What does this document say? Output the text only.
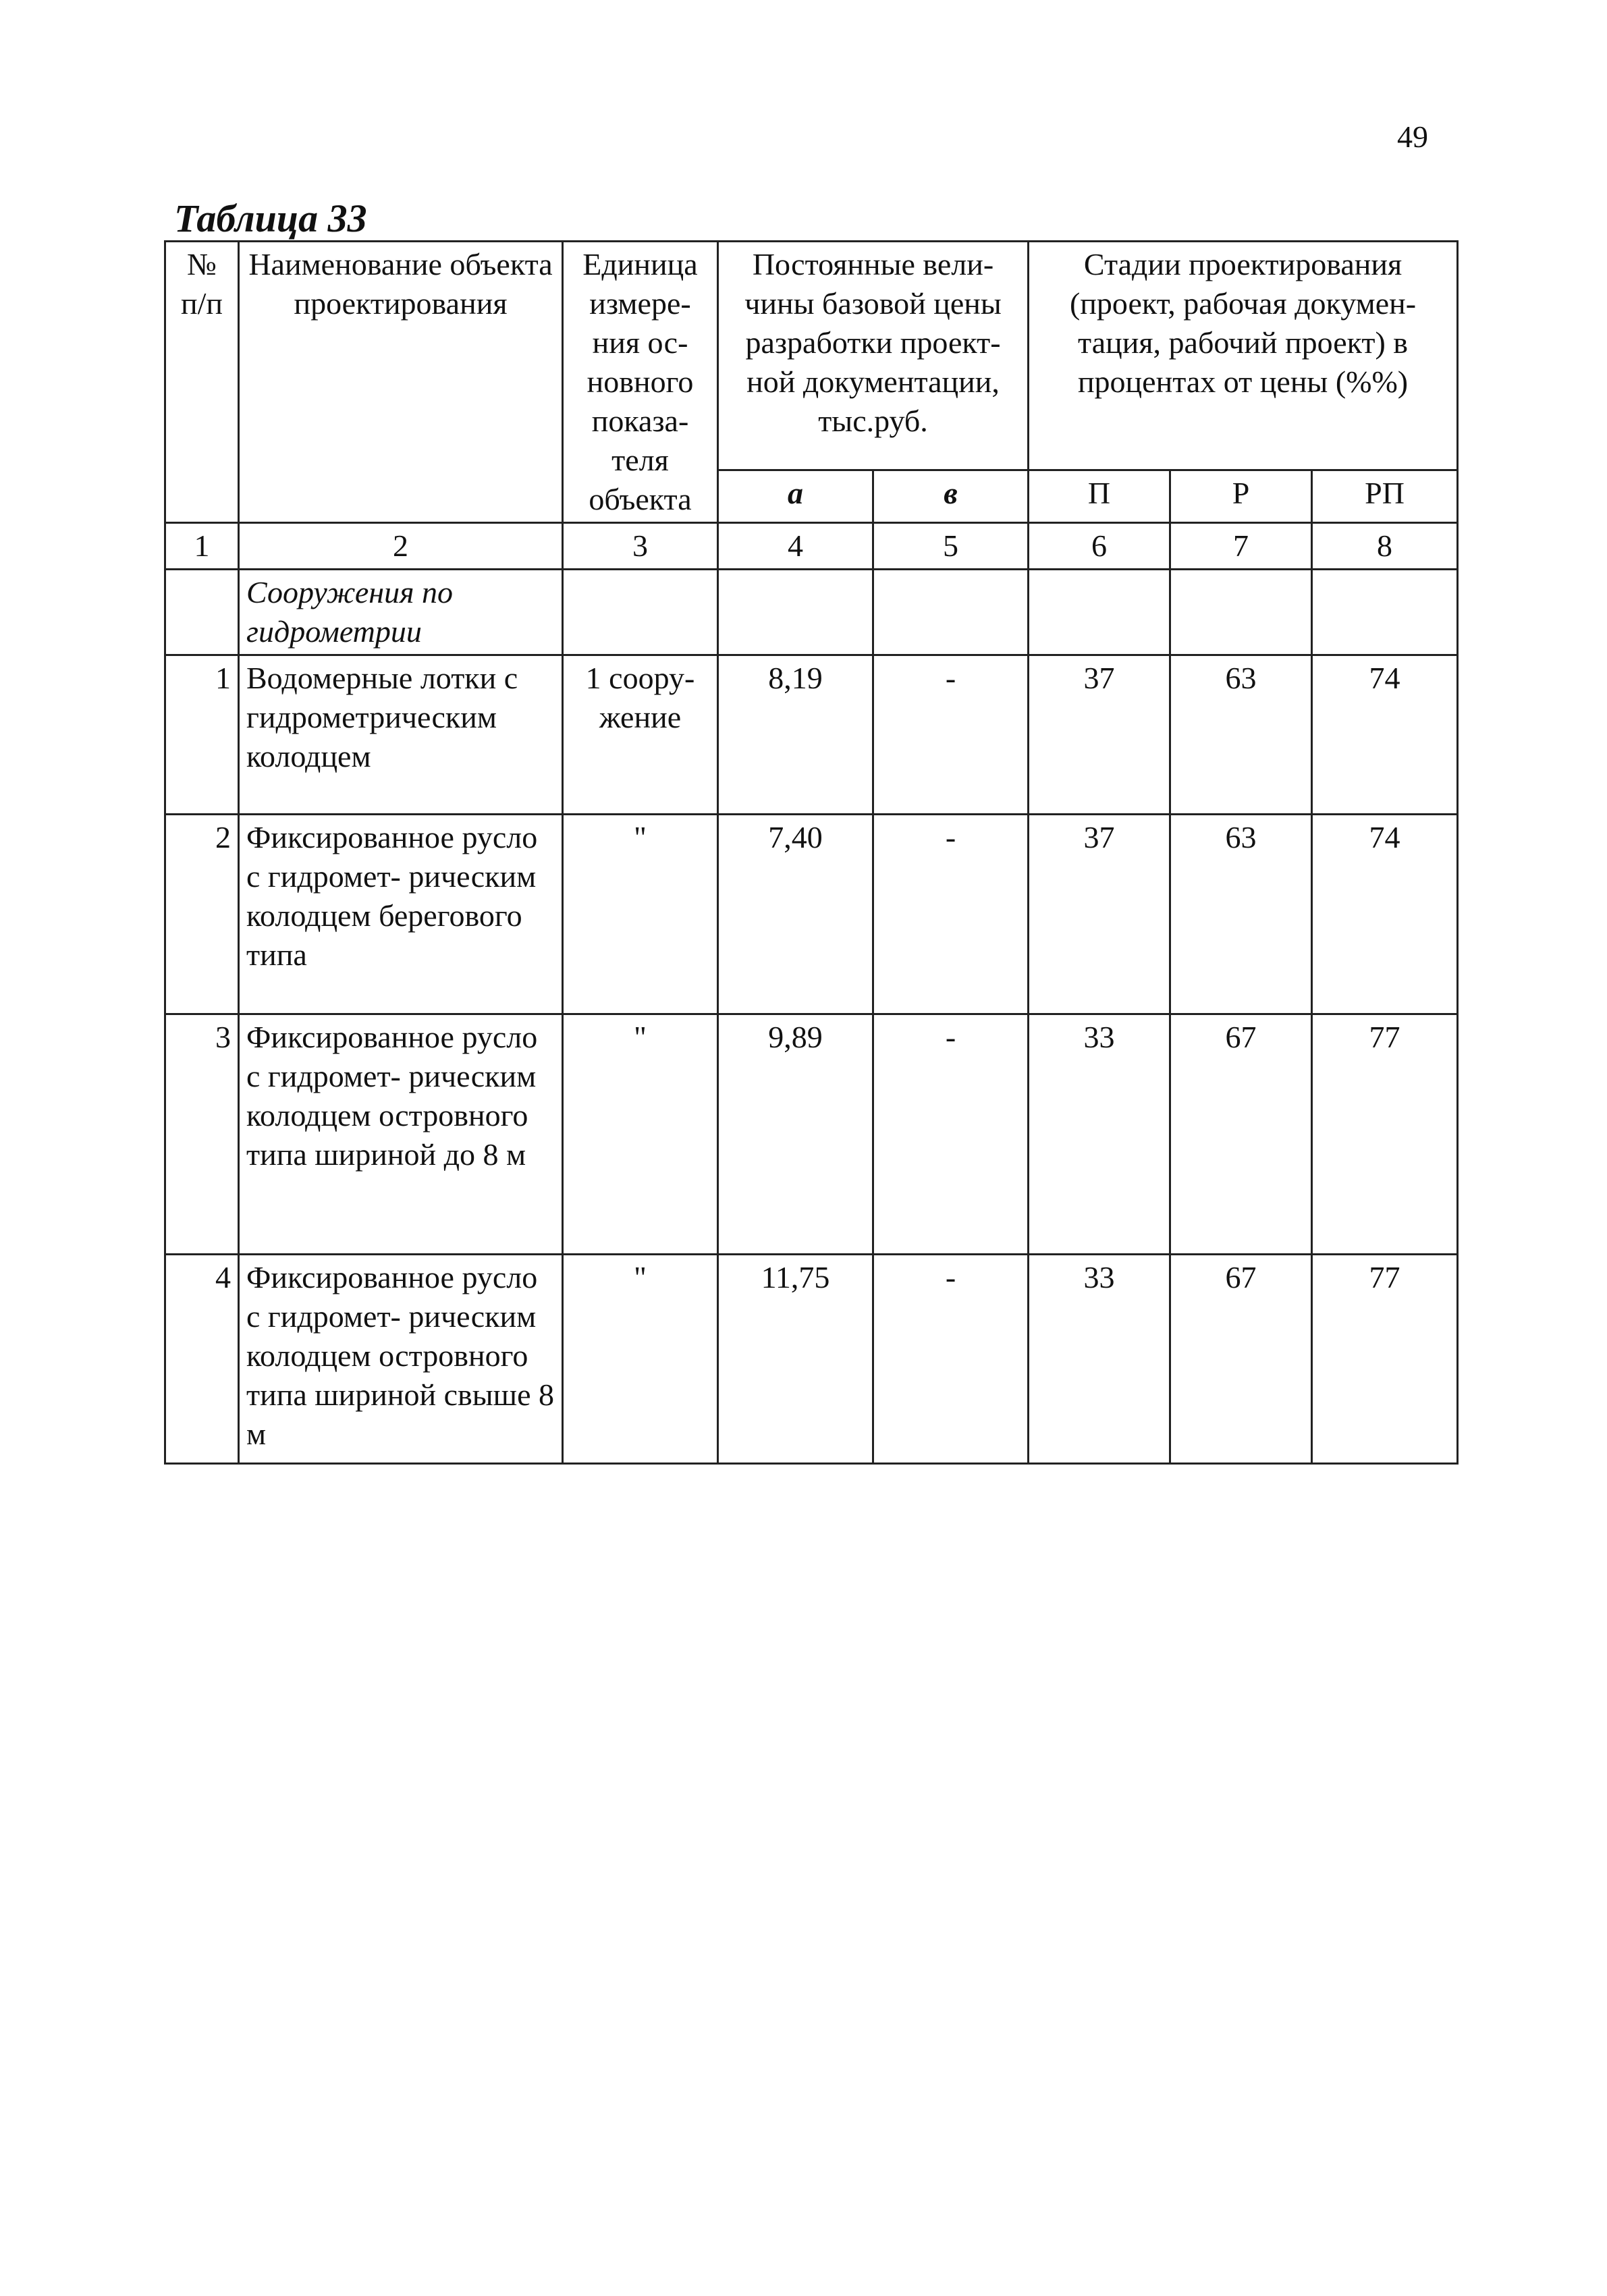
49
Таблица 33
№ п/п	Наименование объекта проектирования	Единица измере- ния ос- новного показа- теля объекта	Постоянные вели- чины базовой цены разработки проект- ной документации, тыс.руб.		Стадии проектирования (проект, рабочая докумен- тация, рабочий проект) в процентах от цены (%%)		
			а	в	П	Р	РП
1	2	3	4	5	6	7	8
	Сооружения по гидрометрии						
1	Водомерные лотки с гидрометрическим колодцем	1 соору- жение	8,19	-	37	63	74
2	Фиксированное русло с гидромет- рическим колодцем берегового типа	"	7,40	-	37	63	74
3	Фиксированное русло с гидромет- рическим колодцем островного типа шириной до 8 м	"	9,89	-	33	67	77
4	Фиксированное русло с гидромет- рическим колодцем островного типа шириной свыше 8 м	"	11,75	-	33	67	77
